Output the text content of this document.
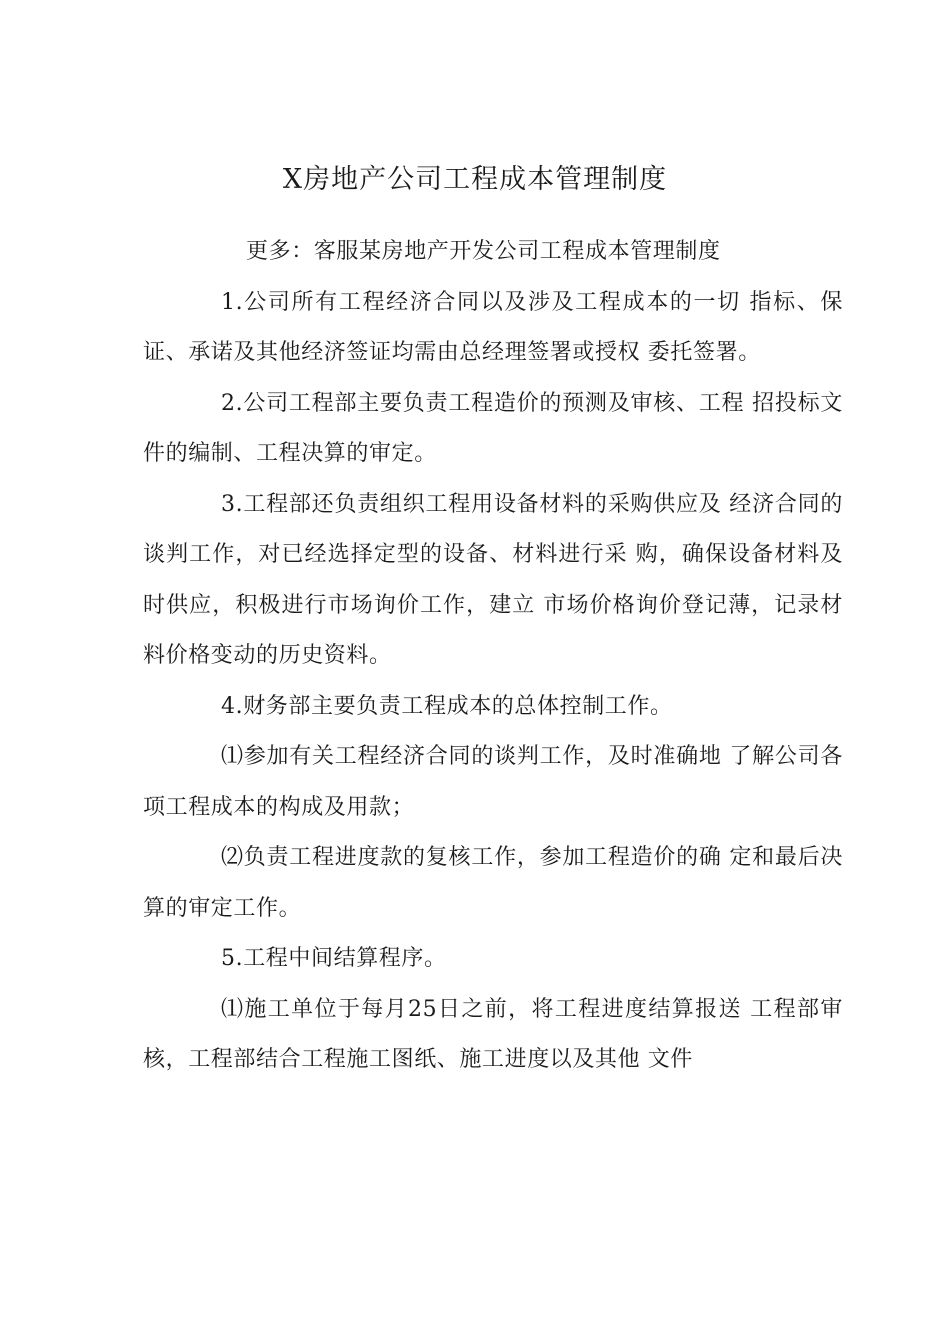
X房地产公司工程成本管理制度

更多：客服某房地产开发公司工程成本管理制度

1.公司所有工程经济合同以及涉及工程成本的一切 指标、保证、承诺及其他经济签证均需由总经理签署或授权 委托签署。

2.公司工程部主要负责工程造价的预测及审核、工程 招投标文件的编制、工程决算的审定。

3.工程部还负责组织工程用设备材料的采购供应及 经济合同的谈判工作，对已经选择定型的设备、材料进行采 购，确保设备材料及时供应，积极进行市场询价工作，建立 市场价格询价登记薄，记录材料价格变动的历史资料。

4.财务部主要负责工程成本的总体控制工作。

⑴参加有关工程经济合同的谈判工作，及时准确地 了解公司各项工程成本的构成及用款；

⑵负责工程进度款的复核工作，参加工程造价的确 定和最后决算的审定工作。

5.工程中间结算程序。

⑴施工单位于每月25日之前，将工程进度结算报送 工程部审核，工程部结合工程施工图纸、施工进度以及其他 文件
